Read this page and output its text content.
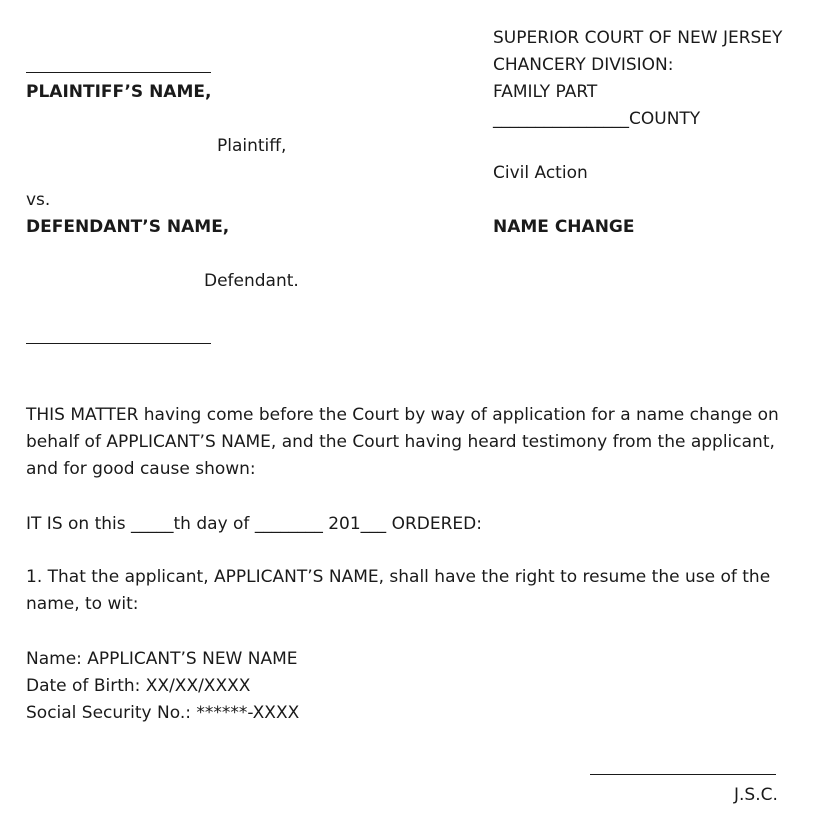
PLAINTIFF’S NAME,

Plaintiff,

vs.

DEFENDANT’S NAME,

Defendant.

SUPERIOR COURT OF NEW JERSEY

CHANCERY DIVISION:

FAMILY PART

________________COUNTY

Civil Action

NAME CHANGE

THIS MATTER having come before the Court by way of application for a name change on behalf of APPLICANT’S NAME, and the Court having heard testimony from the applicant, and for good cause shown:

IT IS on this _____th day of ________ 201___ ORDERED:

1. That the applicant, APPLICANT’S NAME, shall have the right to resume the use of the name, to wit:

Name: APPLICANT’S NEW NAME

Date of Birth: XX/XX/XXXX

Social Security No.: ******-XXXX

J.S.C.
